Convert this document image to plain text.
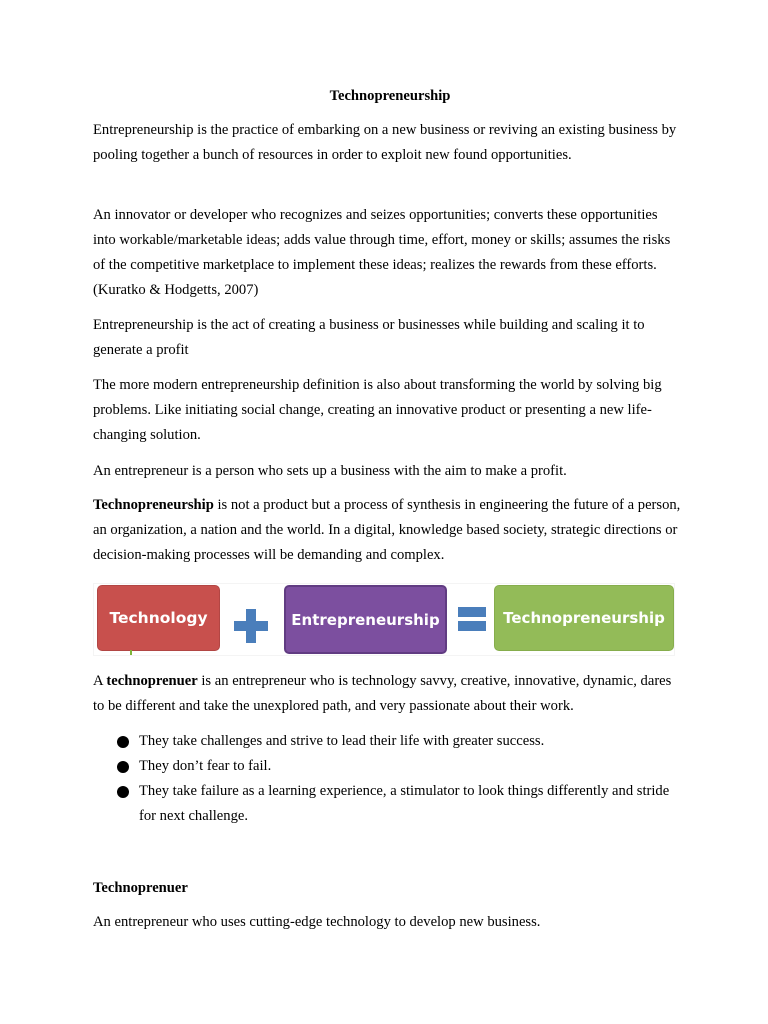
Technopreneurship

Entrepreneurship is the practice of embarking on a new business or reviving an existing business by pooling together a bunch of resources in order to exploit new found opportunities.

An innovator or developer who recognizes and seizes opportunities; converts these opportunities into workable/marketable ideas; adds value through time, effort, money or skills; assumes the risks of the competitive marketplace to implement these ideas; realizes the rewards from these efforts. (Kuratko & Hodgetts, 2007)

Entrepreneurship is the act of creating a business or businesses while building and scaling it to generate a profit

The more modern entrepreneurship definition is also about transforming the world by solving big problems. Like initiating social change, creating an innovative product or presenting a new life-changing solution.

An entrepreneur is a person who sets up a business with the aim to make a profit.

Technopreneurship is not a product but a process of synthesis in engineering the future of a person, an organization, a nation and the world. In a digital, knowledge based society, strategic directions or decision-making processes will be demanding and complex.

Technology	Entrepreneurship	Technopreneurship

A technoprenuer is an entrepreneur who is technology savvy, creative, innovative, dynamic, dares to be different and take the unexplored path, and very passionate about their work.

They take challenges and strive to lead their life with greater success.
They don’t fear to fail.
They take failure as a learning experience, a stimulator to look things differently and stride for next challenge.
Technoprenuer

An entrepreneur who uses cutting-edge technology to develop new business.
